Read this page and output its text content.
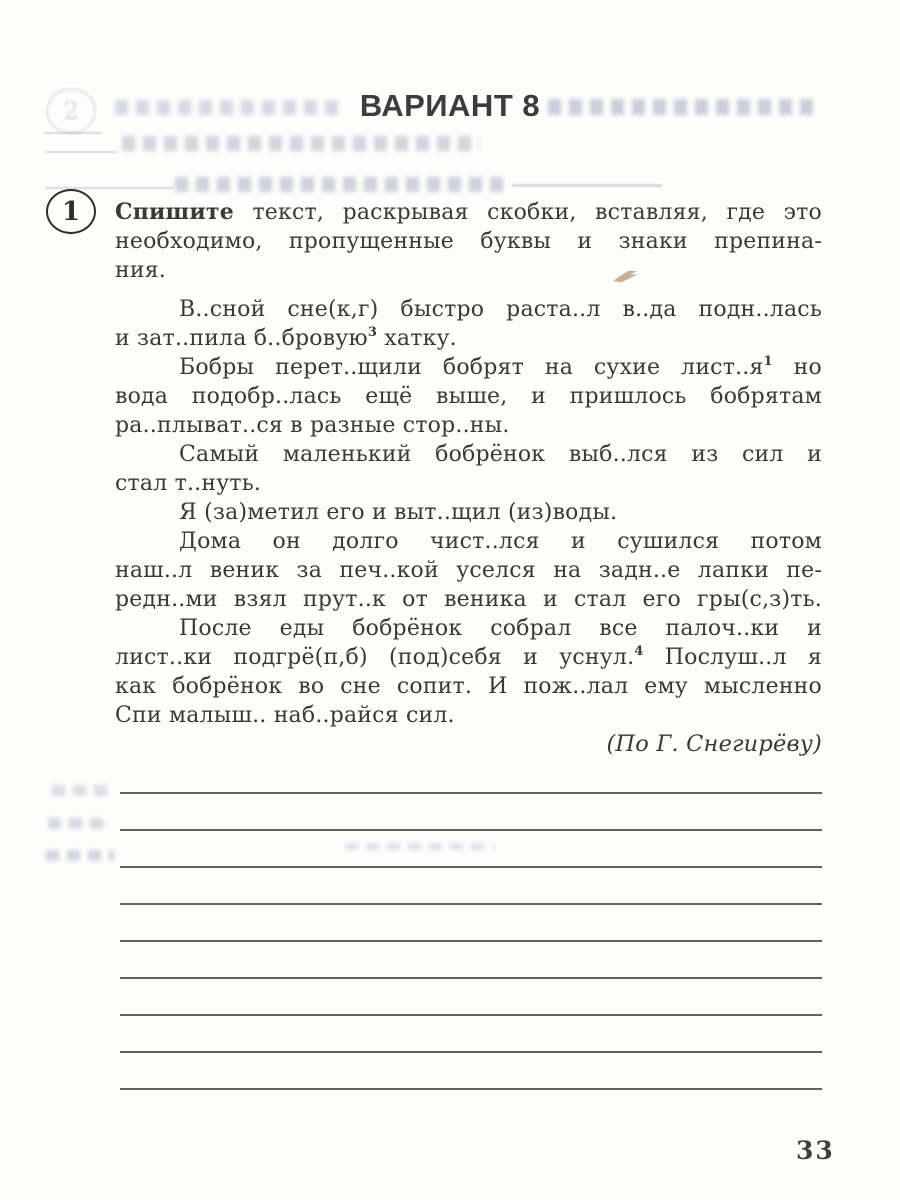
2	ВАРИАНТ 8
1 Спишите текст, раскрывая скобки, вставляя, где это
необходимо, пропущенные буквы и знаки препина-
ния.
В..сной сне(к,г) быстро раста..л в..да подн..лась
и зат..пила б..бровую$^3$ хатку.
Бобры перет..щили бобрят на сухие $лист..я^1$ но
вода подобр..лась ещё выше, и пришлось бобрятам
ра..плыват..ся в разные стор..ны.
Самый маленький бобрёнок выб..лся из сил и
стал т..нуть.
Я (за)метил его и выт..щил (из)воды.
Дома он долго чист..лся и сушился потом
наш..л веник за печ..кой уселся на задн..е лапки пе-
редн..ми взял прут..к от веника и стал его гры(с,з)ть.
После еды бобрёнок собрал все палоч..ки и
лист..ки подгрё(п,б) (под)себя и уснул.$^4$ Послуш..л я
как бобрёнок во сне сопит. И пож..лал ему мысленно
Спи малыш.. наб..райся сил.
(По Г. Снегирёву)
33
